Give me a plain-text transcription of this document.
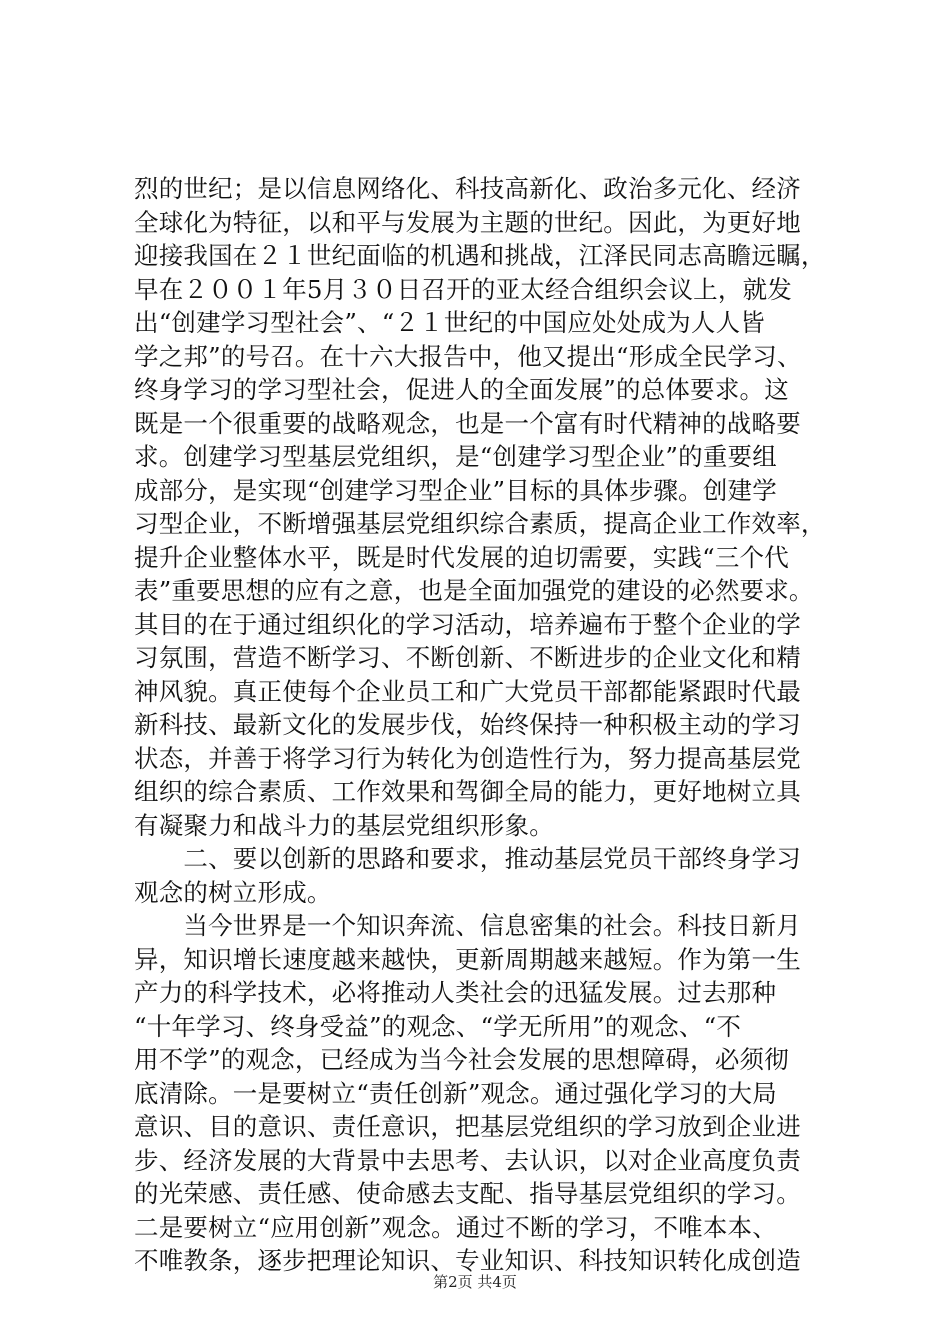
烈的世纪；是以信息网络化、科技高新化、政治多元化、经济
全球化为特征，以和平与发展为主题的世纪。因此，为更好地
迎接我国在２１世纪面临的机遇和挑战，江泽民同志高瞻远瞩，
早在２００１年5月３０日召开的亚太经合组织会议上，就发
出“创建学习型社会”、“２１世纪的中国应处处成为人人皆
学之邦”的号召。在十六大报告中，他又提出“形成全民学习、
终身学习的学习型社会，促进人的全面发展”的总体要求。这
既是一个很重要的战略观念，也是一个富有时代精神的战略要
求。创建学习型基层党组织，是“创建学习型企业”的重要组
成部分，是实现“创建学习型企业”目标的具体步骤。创建学
习型企业，不断增强基层党组织综合素质，提高企业工作效率，
提升企业整体水平，既是时代发展的迫切需要，实践“三个代
表”重要思想的应有之意，也是全面加强党的建设的必然要求。
其目的在于通过组织化的学习活动，培养遍布于整个企业的学
习氛围，营造不断学习、不断创新、不断进步的企业文化和精
神风貌。真正使每个企业员工和广大党员干部都能紧跟时代最
新科技、最新文化的发展步伐，始终保持一种积极主动的学习
状态，并善于将学习行为转化为创造性行为，努力提高基层党
组织的综合素质、工作效果和驾御全局的能力，更好地树立具
有凝聚力和战斗力的基层党组织形象。
　　二、要以创新的思路和要求，推动基层党员干部终身学习
观念的树立形成。
　　当今世界是一个知识奔流、信息密集的社会。科技日新月
异，知识增长速度越来越快，更新周期越来越短。作为第一生
产力的科学技术，必将推动人类社会的迅猛发展。过去那种
“十年学习、终身受益”的观念、“学无所用”的观念、“不
用不学”的观念，已经成为当今社会发展的思想障碍，必须彻
底清除。一是要树立“责任创新”观念。通过强化学习的大局
意识、目的意识、责任意识，把基层党组织的学习放到企业进
步、经济发展的大背景中去思考、去认识，以对企业高度负责
的光荣感、责任感、使命感去支配、指导基层党组织的学习。
二是要树立“应用创新”观念。通过不断的学习，不唯本本、
不唯教条，逐步把理论知识、专业知识、科技知识转化成创造
第2页 共4页
